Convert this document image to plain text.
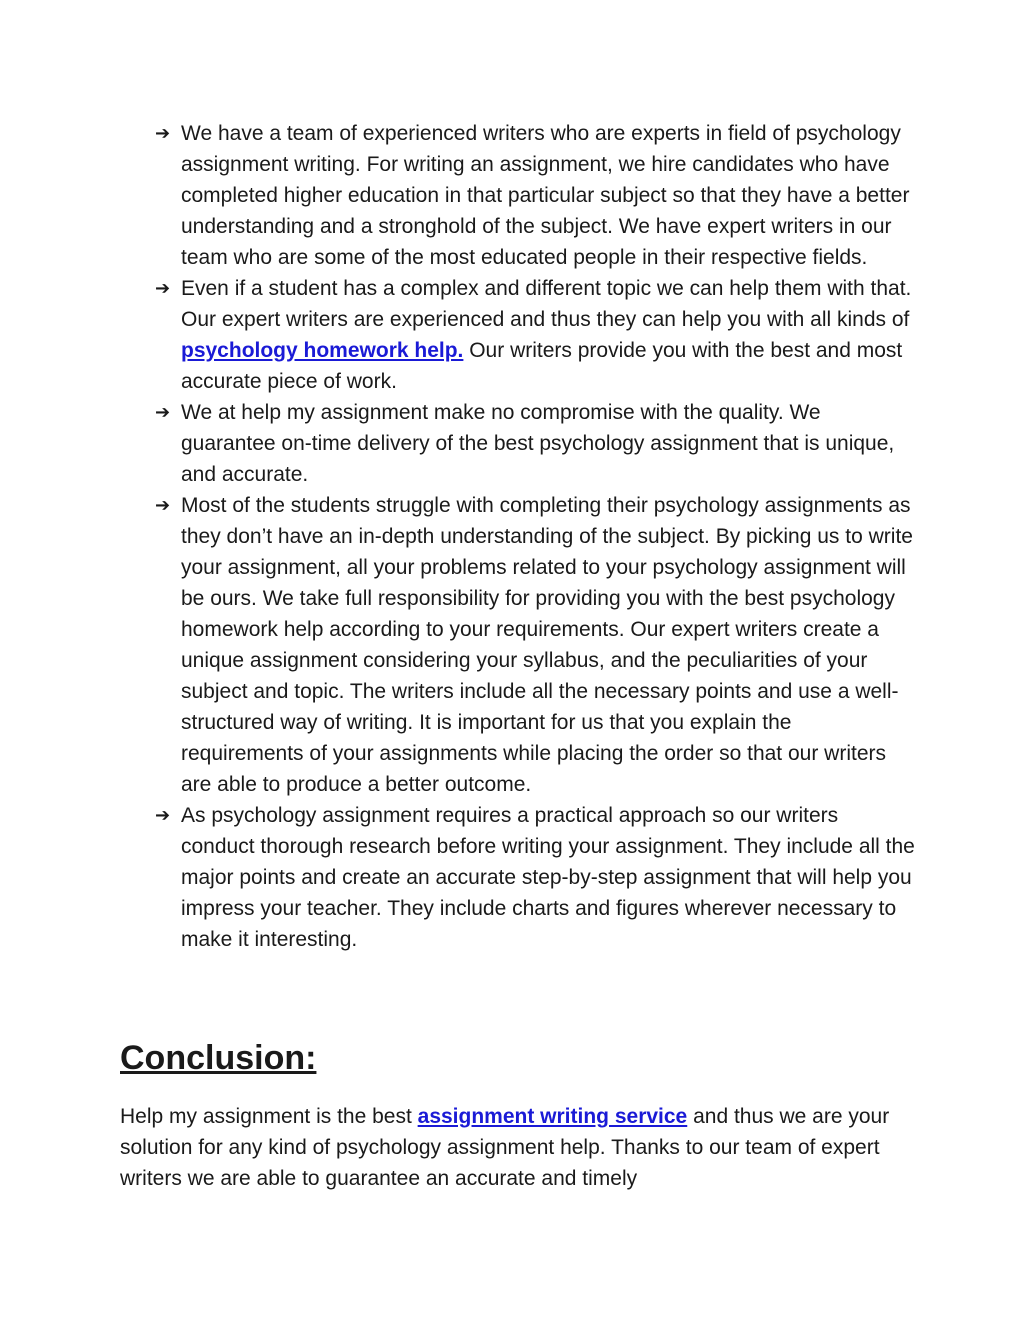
➔ We have a team of experienced writers who are experts in field of psychology assignment writing. For writing an assignment, we hire candidates who have completed higher education in that particular subject so that they have a better understanding and a stronghold of the subject. We have expert writers in our team who are some of the most educated people in their respective fields.
➔ Even if a student has a complex and different topic we can help them with that. Our expert writers are experienced and thus they can help you with all kinds of psychology homework help. Our writers provide you with the best and most accurate piece of work.
➔ We at help my assignment make no compromise with the quality. We guarantee on-time delivery of the best psychology assignment that is unique, and accurate.
➔ Most of the students struggle with completing their psychology assignments as they don’t have an in-depth understanding of the subject. By picking us to write your assignment, all your problems related to your psychology assignment will be ours. We take full responsibility for providing you with the best psychology homework help according to your requirements. Our expert writers create a unique assignment considering your syllabus, and the peculiarities of your subject and topic. The writers include all the necessary points and use a well-structured way of writing. It is important for us that you explain the requirements of your assignments while placing the order so that our writers are able to produce a better outcome.
➔ As psychology assignment requires a practical approach so our writers conduct thorough research before writing your assignment. They include all the major points and create an accurate step-by-step assignment that will help you impress your teacher. They include charts and figures wherever necessary to make it interesting.
Conclusion:

Help my assignment is the best assignment writing service and thus we are your solution for any kind of psychology assignment help. Thanks to our team of expert writers we are able to guarantee an accurate and timely
